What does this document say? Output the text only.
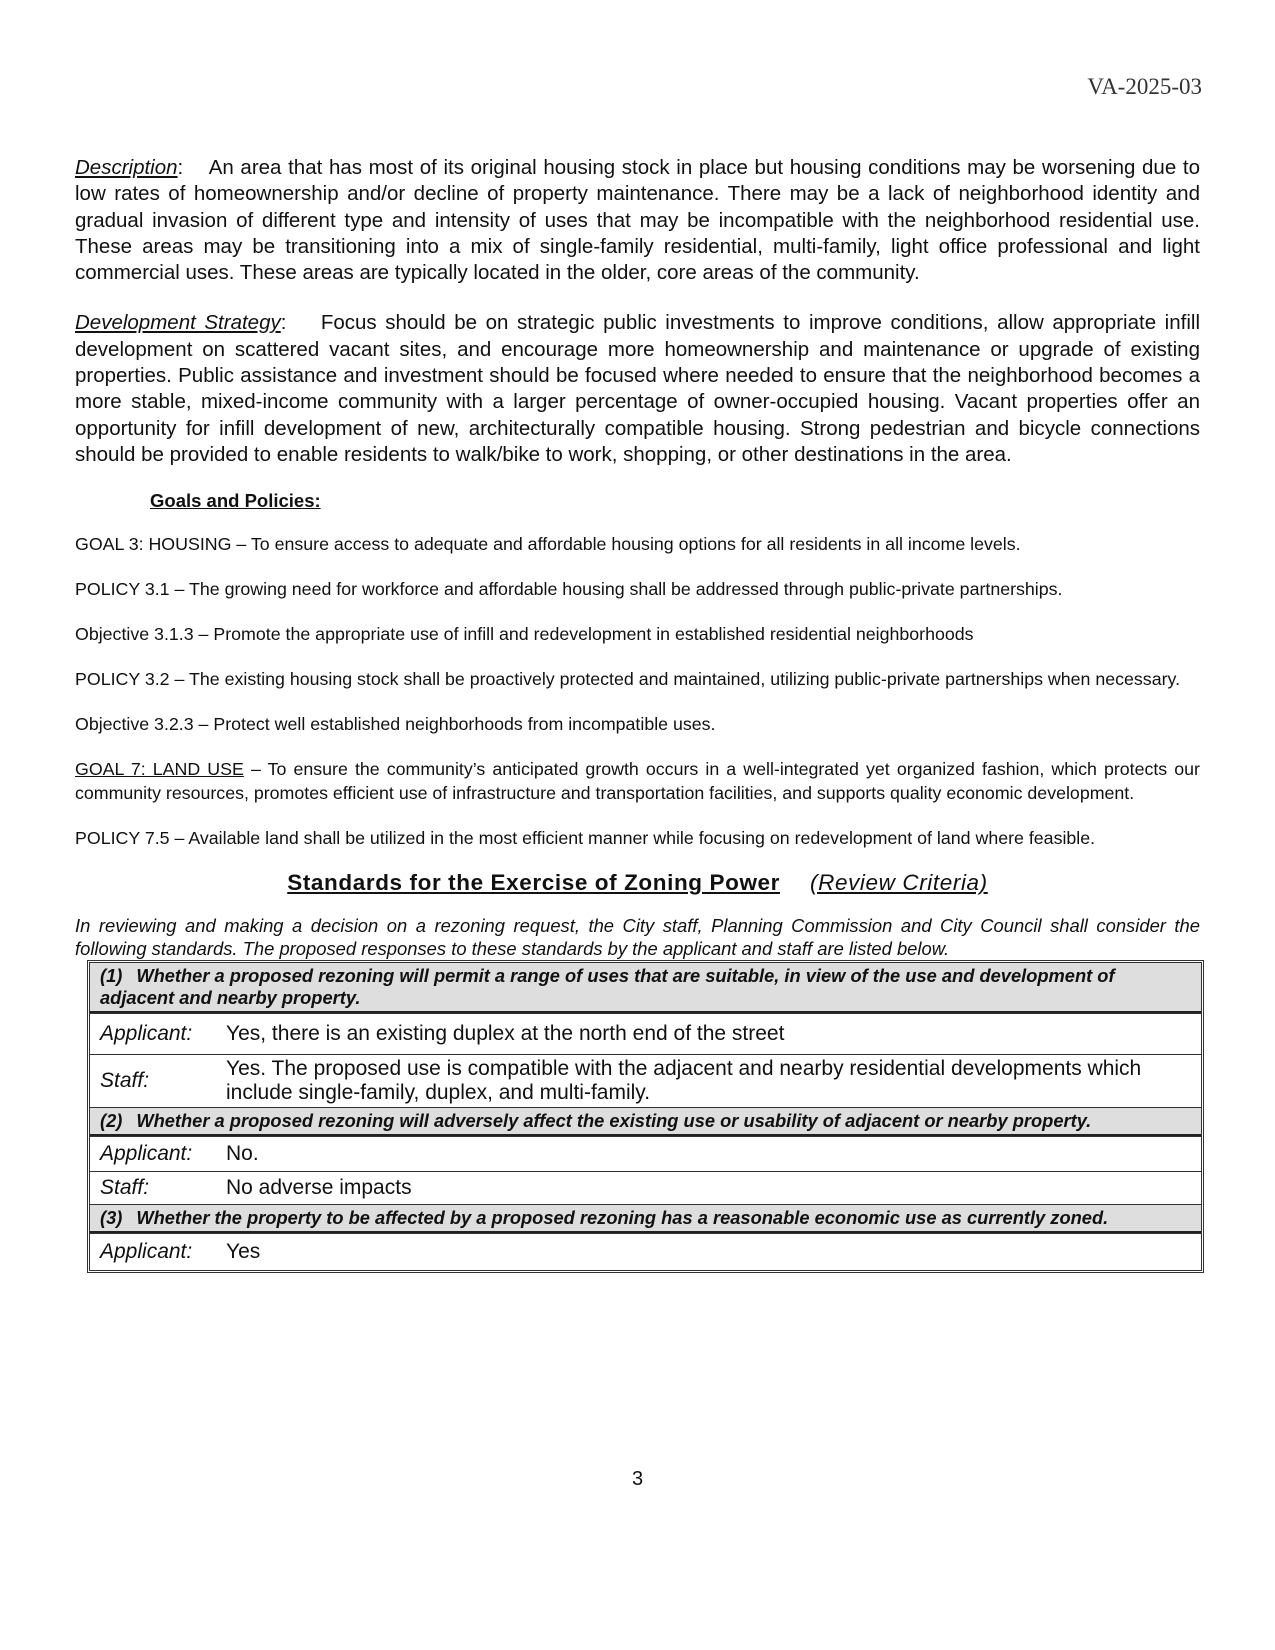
VA-2025-03

Description:    An area that has most of its original housing stock in place but housing conditions may be worsening due to low rates of homeownership and/or decline of property maintenance. There may be a lack of neighborhood identity and gradual invasion of different type and intensity of uses that may be incompatible with the neighborhood residential use. These areas may be transitioning into a mix of single-family residential, multi-family, light office professional and light commercial uses. These areas are typically located in the older, core areas of the community.

Development Strategy:    Focus should be on strategic public investments to improve conditions, allow appropriate infill development on scattered vacant sites, and encourage more homeownership and maintenance or upgrade of existing properties. Public assistance and investment should be focused where needed to ensure that the neighborhood becomes a more stable, mixed-income community with a larger percentage of owner-occupied housing. Vacant properties offer an opportunity for infill development of new, architecturally compatible housing. Strong pedestrian and bicycle connections should be provided to enable residents to walk/bike to work, shopping, or other destinations in the area.

Goals and Policies:

GOAL 3: HOUSING – To ensure access to adequate and affordable housing options for all residents in all income levels.

POLICY 3.1 – The growing need for workforce and affordable housing shall be addressed through public-private partnerships.

Objective 3.1.3 – Promote the appropriate use of infill and redevelopment in established residential neighborhoods

POLICY 3.2 – The existing housing stock shall be proactively protected and maintained, utilizing public-private partnerships when necessary.

Objective 3.2.3 – Protect well established neighborhoods from incompatible uses.

GOAL 7: LAND USE – To ensure the community’s anticipated growth occurs in a well-integrated yet organized fashion, which protects our community resources, promotes efficient use of infrastructure and transportation facilities, and supports quality economic development.

POLICY 7.5 – Available land shall be utilized in the most efficient manner while focusing on redevelopment of land where feasible.

Standards for the Exercise of Zoning Power (Review Criteria)

In reviewing and making a decision on a rezoning request, the City staff, Planning Commission and City Council shall consider the following standards. The proposed responses to these standards by the applicant and staff are listed below.

(1) Whether a proposed rezoning will permit a range of uses that are suitable, in view of the use and development of adjacent and nearby property.	
Applicant:	Yes, there is an existing duplex at the north end of the street
Staff:	Yes. The proposed use is compatible with the adjacent and nearby residential developments which include single-family, duplex, and multi-family.
(2) Whether a proposed rezoning will adversely affect the existing use or usability of adjacent or nearby property.	
Applicant:	No.
Staff:	No adverse impacts
(3) Whether the property to be affected by a proposed rezoning has a reasonable economic use as currently zoned.	
Applicant:	Yes
3
